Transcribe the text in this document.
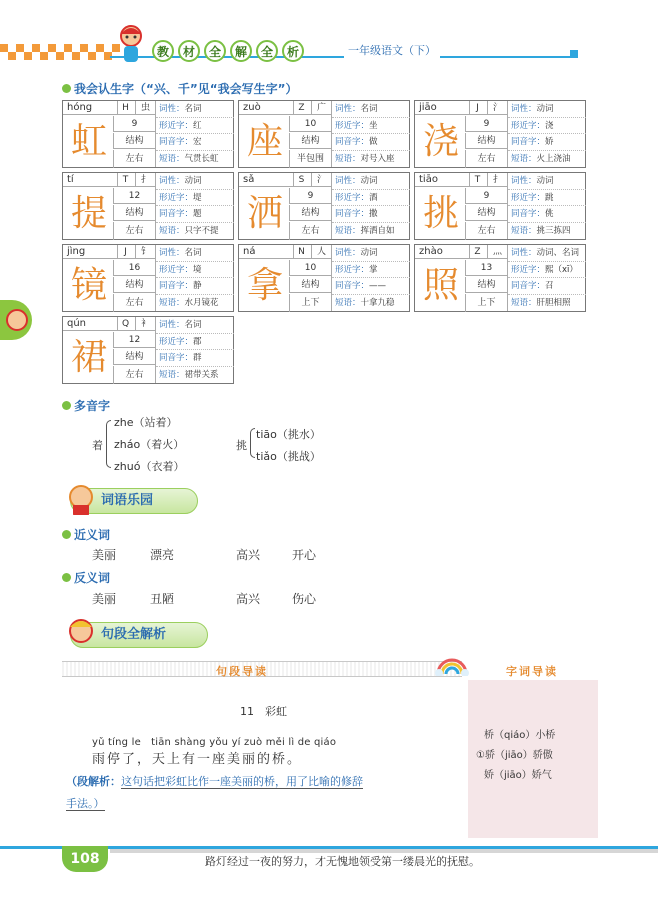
教	材	全	解	全	析	一年级语文（下）
我会认生字（“兴、千”见“我会写生字”）
hóng	H	虫
虹	9
结构
左右
词性：名词
形近字：红
同音字：宏
短语：气贯长虹
zuò	Z	广
座	10
结构
半包围
词性：名词
形近字：坐
同音字：做
短语：对号入座
jiāo	J	氵
浇	9
结构
左右
词性：动词
形近字：浇
同音字：娇
短语：火上浇油
tí	T	扌
提	12
结构
左右
词性：动词
形近字：堤
同音字：题
短语：只字不提
sǎ	S	氵
洒	9
结构
左右
词性：动词
形近字：酒
同音字：撒
短语：挥洒自如
tiāo	T	扌
挑	9
结构
左右
词性：动词
形近字：跳
同音字：佻
短语：挑三拣四
jìng	J	钅
镜	16
结构
左右
词性：名词
形近字：境
同音字：静
短语：水月镜花
ná	N	人
拿	10
结构
上下
词性：动词
形近字：掌
同音字：——
短语：十拿九稳
zhào	Z	灬
照	13
结构
上下
词性：动词、名词
形近字：熙（xī）
同音字：召
短语：肝胆相照
qún	Q	衤
裙	12
结构
左右
词性：名词
形近字：郡
同音字：群
短语：裙带关系
多音字
着
zhe（站着）
zháo（着火）
zhuó（衣着）
挑
tiāo（挑水）
tiǎo（挑战）
词语乐园
近义词
美丽	漂亮	高兴	开心
反义词
美丽	丑陋	高兴	伤心
句段全解析
句段导读	字词导读
桥（qiáo）小桥
①骄（jiāo）骄傲
娇（jiāo）娇气
11　彩虹
yǔ tíng le　tiān shàng yǒu yí zuò měi lì de qiáo
雨停了，天上有一座美丽的桥。
（段解析：这句话把彩虹比作一座美丽的桥，用了比喻的修辞
手法。）
108	路灯经过一夜的努力，才无愧地领受第一缕晨光的抚慰。
